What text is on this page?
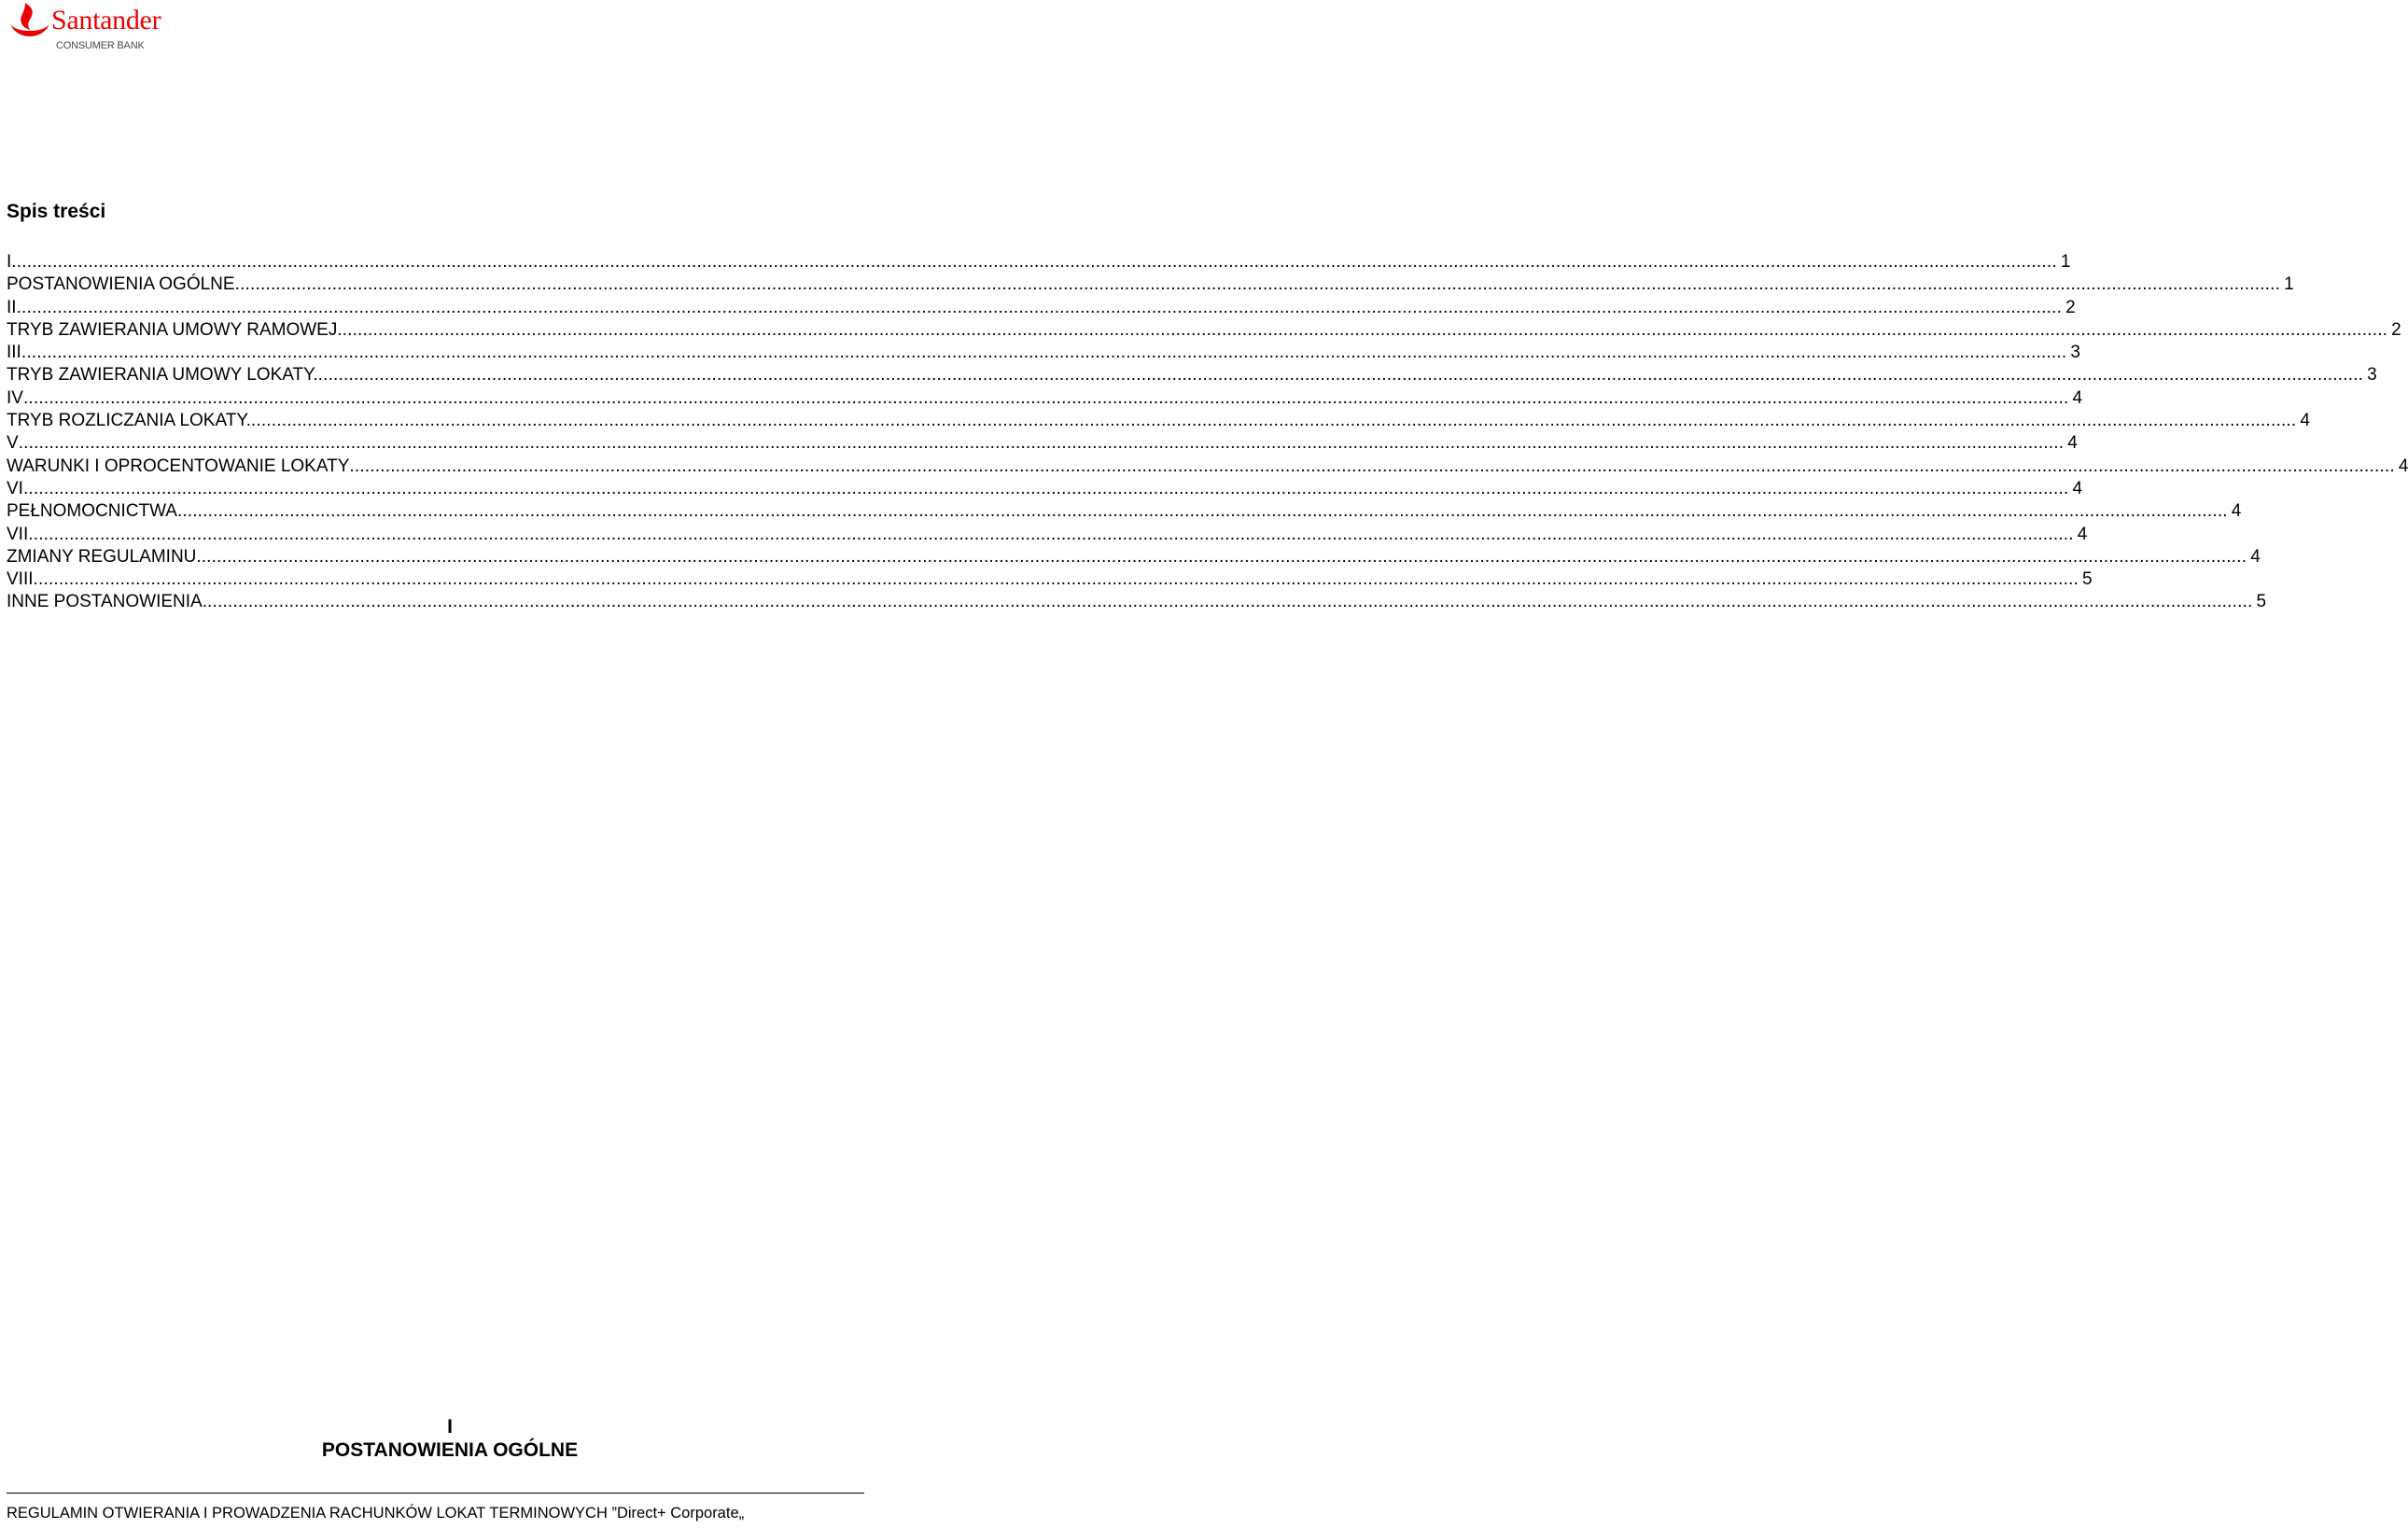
Santander
CONSUMER BANK
Spis treści
I ................................................................................................................................................................................................................................................................................................................................................................................................................ 1
POSTANOWIENIA OGÓLNE ................................................................................................................................................................................................................................................................................................................................................................................................................ 1
II ................................................................................................................................................................................................................................................................................................................................................................................................................ 2
TRYB ZAWIERANIA UMOWY RAMOWEJ. ................................................................................................................................................................................................................................................................................................................................................................................................................ 2
III ................................................................................................................................................................................................................................................................................................................................................................................................................ 3
TRYB ZAWIERANIA UMOWY LOKATY. ................................................................................................................................................................................................................................................................................................................................................................................................................ 3
IV ................................................................................................................................................................................................................................................................................................................................................................................................................ 4
TRYB ROZLICZANIA LOKATY. ................................................................................................................................................................................................................................................................................................................................................................................................................ 4
V ................................................................................................................................................................................................................................................................................................................................................................................................................ 4
WARUNKI I OPROCENTOWANIE LOKATY ................................................................................................................................................................................................................................................................................................................................................................................................................ 4
VI ................................................................................................................................................................................................................................................................................................................................................................................................................ 4
PEŁNOMOCNICTWA. ................................................................................................................................................................................................................................................................................................................................................................................................................ 4
VII ................................................................................................................................................................................................................................................................................................................................................................................................................ 4
ZMIANY REGULAMINU. ................................................................................................................................................................................................................................................................................................................................................................................................................ 4
VIII ................................................................................................................................................................................................................................................................................................................................................................................................................ 5
INNE POSTANOWIENIA. ................................................................................................................................................................................................................................................................................................................................................................................................................ 5
I
POSTANOWIENIA OGÓLNE
REGULAMIN OTWIERANIA I PROWADZENIA RACHUNKÓW LOKAT TERMINOWYCH ”Direct+ Corporate„
